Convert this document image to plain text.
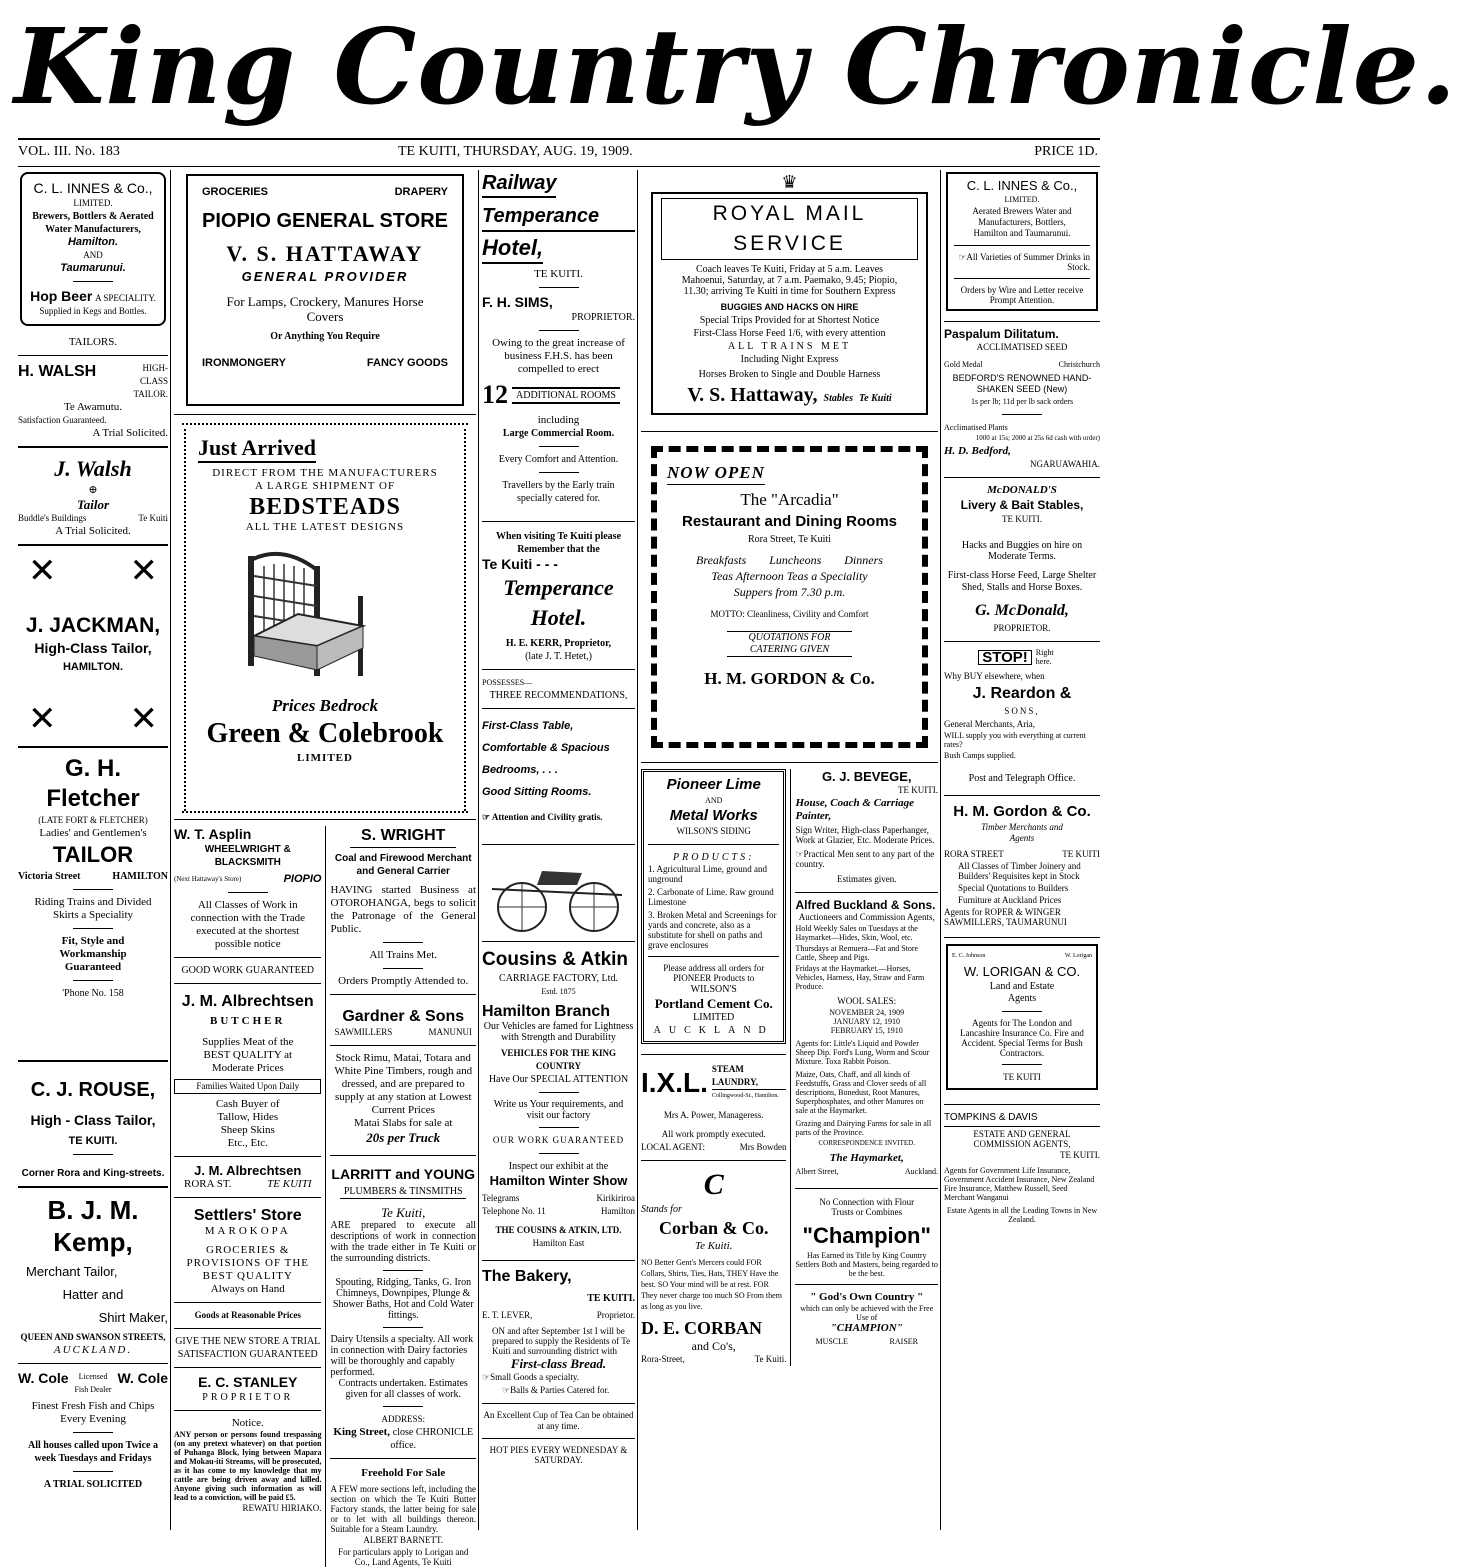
King Country Chronicle.
VOL. III. No. 183	TE KUITI, THURSDAY, AUG. 19, 1909.	PRICE 1D.
C. L. INNES & Co.,
LIMITED.
Brewers, Bottlers & Aerated Water Manufacturers,
Hamilton.
AND
Taumarunui.
Hop Beer A SPECIALITY.
Supplied in Kegs and Bottles.
TAILORS.
H. WALSH	HIGH-CLASS TAILOR.
Te Awamutu.
Satisfaction Guaranteed.
A Trial Solicited.
J. Walsh
⊕
Tailor
Buddle's Buildings	Te Kuiti
A Trial Solicited.
✕ ✕
J. JACKMAN,
High-Class Tailor,
HAMILTON.
✕ ✕
G. H. Fletcher
(LATE FORT & FLETCHER)
Ladies' and Gentlemen's
TAILOR
Victoria Street	HAMILTON
Riding Trains and Divided Skirts a Speciality
Fit, Style and Workmanship Guaranteed
'Phone No. 158
C. J. ROUSE,
High - Class Tailor,
TE KUITI.
Corner Rora and King-streets.
B. J. M. Kemp,
Merchant Tailor,
Hatter and
Shirt Maker,
QUEEN AND SWANSON STREETS,
AUCKLAND.
W. Cole	Licensed Fish Dealer
W. Cole
Finest Fresh Fish and Chips Every Evening
All houses called upon Twice a week Tuesdays and Fridays
A TRIAL SOLICITED
GROCERIES	DRAPERY
PIOPIO GENERAL STORE
V. S. HATTAWAY
GENERAL PROVIDER
For Lamps, Crockery, Manures Horse Covers
Or Anything You Require
IRONMONGERY	FANCY GOODS
Just Arrived
DIRECT FROM THE MANUFACTURERS
A LARGE SHIPMENT OF
BEDSTEADS
ALL THE LATEST DESIGNS
Prices Bedrock
Green & Colebrook
LIMITED
W. T. Asplin
WHEELWRIGHT & BLACKSMITH
(Next Hattaway's Store)	PIOPIO
All Classes of Work in connection with the Trade executed at the shortest possible notice
GOOD WORK GUARANTEED
J. M. Albrechtsen
BUTCHER
Supplies Meat of the BEST QUALITY at Moderate Prices
Families Waited Upon Daily
Cash Buyer of Tallow, Hides Sheep Skins Etc., Etc.
J. M. Albrechtsen
RORA ST.	TE KUITI
Settlers' Store
MAROKOPA
GROCERIES & PROVISIONS OF THE BEST QUALITY
Always on Hand
Goods at Reasonable Prices
GIVE THE NEW STORE A TRIAL SATISFACTION GUARANTEED
E. C. STANLEY
PROPRIETOR
Notice.
ANY person or persons found trespassing (on any pretext whatever) on that portion of Puhanga Block, lying between Mapara and Mokau-iti Streams, will be prosecuted, as it has come to my knowledge that my cattle are being driven away and killed. Anyone giving such information as will lead to a conviction, will be paid £5.
REWATU HIRIAKO.
S. WRIGHT
Coal and Firewood Merchant and General Carrier
HAVING started Business at OTOROHANGA, begs to solicit the Patronage of the General Public.
All Trains Met.
Orders Promptly Attended to.
Gardner & Sons
SAWMILLERS	MANUNUI
Stock Rimu, Matai, Totara and White Pine Timbers, rough and dressed, and are prepared to supply at any station at Lowest Current Prices
Matai Slabs for sale at
20s per Truck
LARRITT and YOUNG
PLUMBERS & TINSMITHS
Te Kuiti,
ARE prepared to execute all descriptions of work in connection with the trade either in Te Kuiti or the surrounding districts.
Spouting, Ridging, Tanks, G. Iron Chimneys, Downpipes, Plunge & Shower Baths, Hot and Cold Water fittings.
Dairy Utensils a specialty. All work in connection with Dairy factories will be thoroughly and capably performed.
Contracts undertaken. Estimates given for all classes of work.
ADDRESS:
King Street, close CHRONICLE office.
Freehold For Sale
A FEW more sections left, including the section on which the Te Kuiti Butter Factory stands, the latter being for sale or to let with all buildings thereon. Suitable for a Steam Laundry.
ALBERT BARNETT.
For particulars apply to Lorigan and Co., Land Agents, Te Kuiti
Railway
Temperance
Hotel,
TE KUITI.
F. H. SIMS,
PROPRIETOR.
Owing to the great increase of business F.H.S. has been compelled to erect
12 ADDITIONAL ROOMS
including
Large Commercial Room.
Every Comfort and Attention.
Travellers by the Early train specially catered for.
When visiting Te Kuiti please Remember that the
Te Kuiti - - -
Temperance
Hotel.
H. E. KERR, Proprietor,
(late J. T. Hetet,)
POSSESSES—
THREE RECOMMENDATIONS,
First-Class Table,
Comfortable & Spacious
Bedrooms, . . .
Good Sitting Rooms.
☞ Attention and Civility gratis.
Cousins & Atkin
CARRIAGE FACTORY, Ltd.
Estd. 1875
Hamilton Branch
Our Vehicles are famed for Lightness with Strength and Durability
VEHICLES FOR THE KING COUNTRY
Have Our SPECIAL ATTENTION
Write us Your requirements, and visit our factory
OUR WORK GUARANTEED
Inspect our exhibit at the
Hamilton Winter Show
Telegrams	Kirikiriroa
Telephone No. 11	Hamilton
THE COUSINS & ATKIN, LTD.
Hamilton East
The Bakery,
TE KUITI.
E. T. LEVER,	Proprietor.
ON and after September 1st I will be prepared to supply the Residents of Te Kuiti and surrounding district with
First-class Bread.
☞Small Goods a specialty.
☞Balls & Parties Catered for.
An Excellent Cup of Tea Can be obtained at any time.
HOT PIES EVERY WEDNESDAY & SATURDAY.
♛
ROYAL MAIL SERVICE
Coach leaves Te Kuiti, Friday at 5 a.m. Leaves Mahoenui, Saturday, at 7 a.m. Paemako, 9.45; Piopio, 11.30; arriving Te Kuiti in time for Southern Express
BUGGIES AND HACKS ON HIRE
Special Trips Provided for at Shortest Notice
First-Class Horse Feed 1/6, with every attention
ALL TRAINS MET
Including Night Express
Horses Broken to Single and Double Harness
V. S. Hattaway, Stables Te Kuiti
NOW OPEN
The "Arcadia"
Restaurant and Dining Rooms
Rora Street, Te Kuiti
Breakfasts Luncheons Dinners
Teas Afternoon Teas a Speciality
Suppers from 7.30 p.m.
MOTTO: Cleanliness, Civility and Comfort
QUOTATIONS FOR CATERING GIVEN
H. M. GORDON & Co.
Pioneer Lime
AND
Metal Works
WILSON'S SIDING
PRODUCTS:
1. Agricultural Lime, ground and unground
2. Carbonate of Lime. Raw ground Limestone
3. Broken Metal and Screenings for yards and concrete, also as a substitute for shell on paths and grave enclosures
Please address all orders for PIONEER Products to
WILSON'S
Portland Cement Co.
LIMITED
AUCKLAND
I.X.L. STEAM LAUNDRY,
Collingwood-St., Hamilton.
Mrs A. Power, Manageress.
All work promptly executed.
LOCAL AGENT:	Mrs Bowden
C
Stands for
Corban & Co.
Te Kuiti.
NO Better Gent's Mercers could FOR Collars, Shirts, Ties, Hats, THEY Have the best. SO Your mind will be at rest. FOR They never charge too much SO From them as long as you live.
D. E. CORBAN
and Co's,
Rora-Street,	Te Kuiti.
G. J. BEVEGE,
TE KUITI.
House, Coach & Carriage Painter,
Sign Writer, High-class Paperhanger, Work at Glazier, Etc. Moderate Prices.
☞Practical Men sent to any part of the country.
Estimates given.
Alfred Buckland & Sons.
Auctioneers and Commission Agents,
Hold Weekly Sales on Tuesdays at the Haymarket—Hides, Skin, Wool, etc.
Thursdays at Remuera—Fat and Store Cattle, Sheep and Pigs.
Fridays at the Haymarket.—Horses, Vehicles, Harness, Hay, Straw and Farm Produce.
WOOL SALES:
NOVEMBER 24, 1909
JANUARY 12, 1910
FEBRUARY 15, 1910
Agents for: Little's Liquid and Powder Sheep Dip. Ford's Lung, Worm and Scour Mixture. Toxa Rabbit Poison.
Maize, Oats, Chaff, and all kinds of Feedstuffs, Grass and Clover seeds of all descriptions, Bonedust, Root Manures, Superphosphates, and other Manures on sale at the Haymarket.
Grazing and Dairying Farms for sale in all parts of the Province.
CORRESPONDENCE INVITED.
The Haymarket,
Albert Street,	Auckland.
No Connection with Flour Trusts or Combines
"Champion"
Has Earned its Title by King Country Settlers Both and Masters, being regarded to be the best.
" God's Own Country "
which can only be achieved with the Free Use of
"CHAMPION"
MUSCLE	RAISER
C. L. INNES & Co.,
LIMITED.
Aerated Brewers Water and Manufacturers, Bottlers,
Hamilton and Taumarunui.
☞All Varieties of Summer Drinks in Stock.
Orders by Wire and Letter receive Prompt Attention.
Paspalum Dilitatum.
ACCLIMATISED SEED
Gold Medal	Christchurch
BEDFORD'S RENOWNED HAND-SHAKEN SEED (New)
1s per lb; 11d per lb sack orders
Acclimatised Plants
1000 at 15s; 2000 at 25s 6d cash with order)
H. D. Bedford,
NGARUAWAHIA.
McDONALD'S
Livery & Bait Stables,
TE KUITI.
Hacks and Buggies on hire on Moderate Terms.
First-class Horse Feed, Large Shelter Shed, Stalls and Horse Boxes.
G. McDonald,
PROPRIETOR.
STOP!	Right here.
Why BUY elsewhere, when
J. Reardon &
SONS,
General Merchants, Aria,
WILL supply you with everything at current rates?
Bush Camps supplied.
Post and Telegraph Office.
H. M. Gordon & Co.
Timber Merchants and Agents
RORA STREET	TE KUITI
All Classes of Timber Joinery and Builders' Requisites kept in Stock
Special Quotations to Builders
Furniture at Auckland Prices
Agents for ROPER & WINGER SAWMILLERS, TAUMARUNUI
E. C. Johnson	W. Lorigan
W. LORIGAN & CO.
Land and Estate Agents
Agents for The London and Lancashire Insurance Co. Fire and Accident. Special Terms for Bush Contractors.
TE KUITI
TOMPKINS & DAVIS
ESTATE AND GENERAL COMMISSION AGENTS,
TE KUITI.
Agents for Government Life Insurance, Government Accident Insurance, New Zealand Fire Insurance, Matthew Russell, Seed Merchant Wanganui
Estate Agents in all the Leading Towns in New Zealand.
